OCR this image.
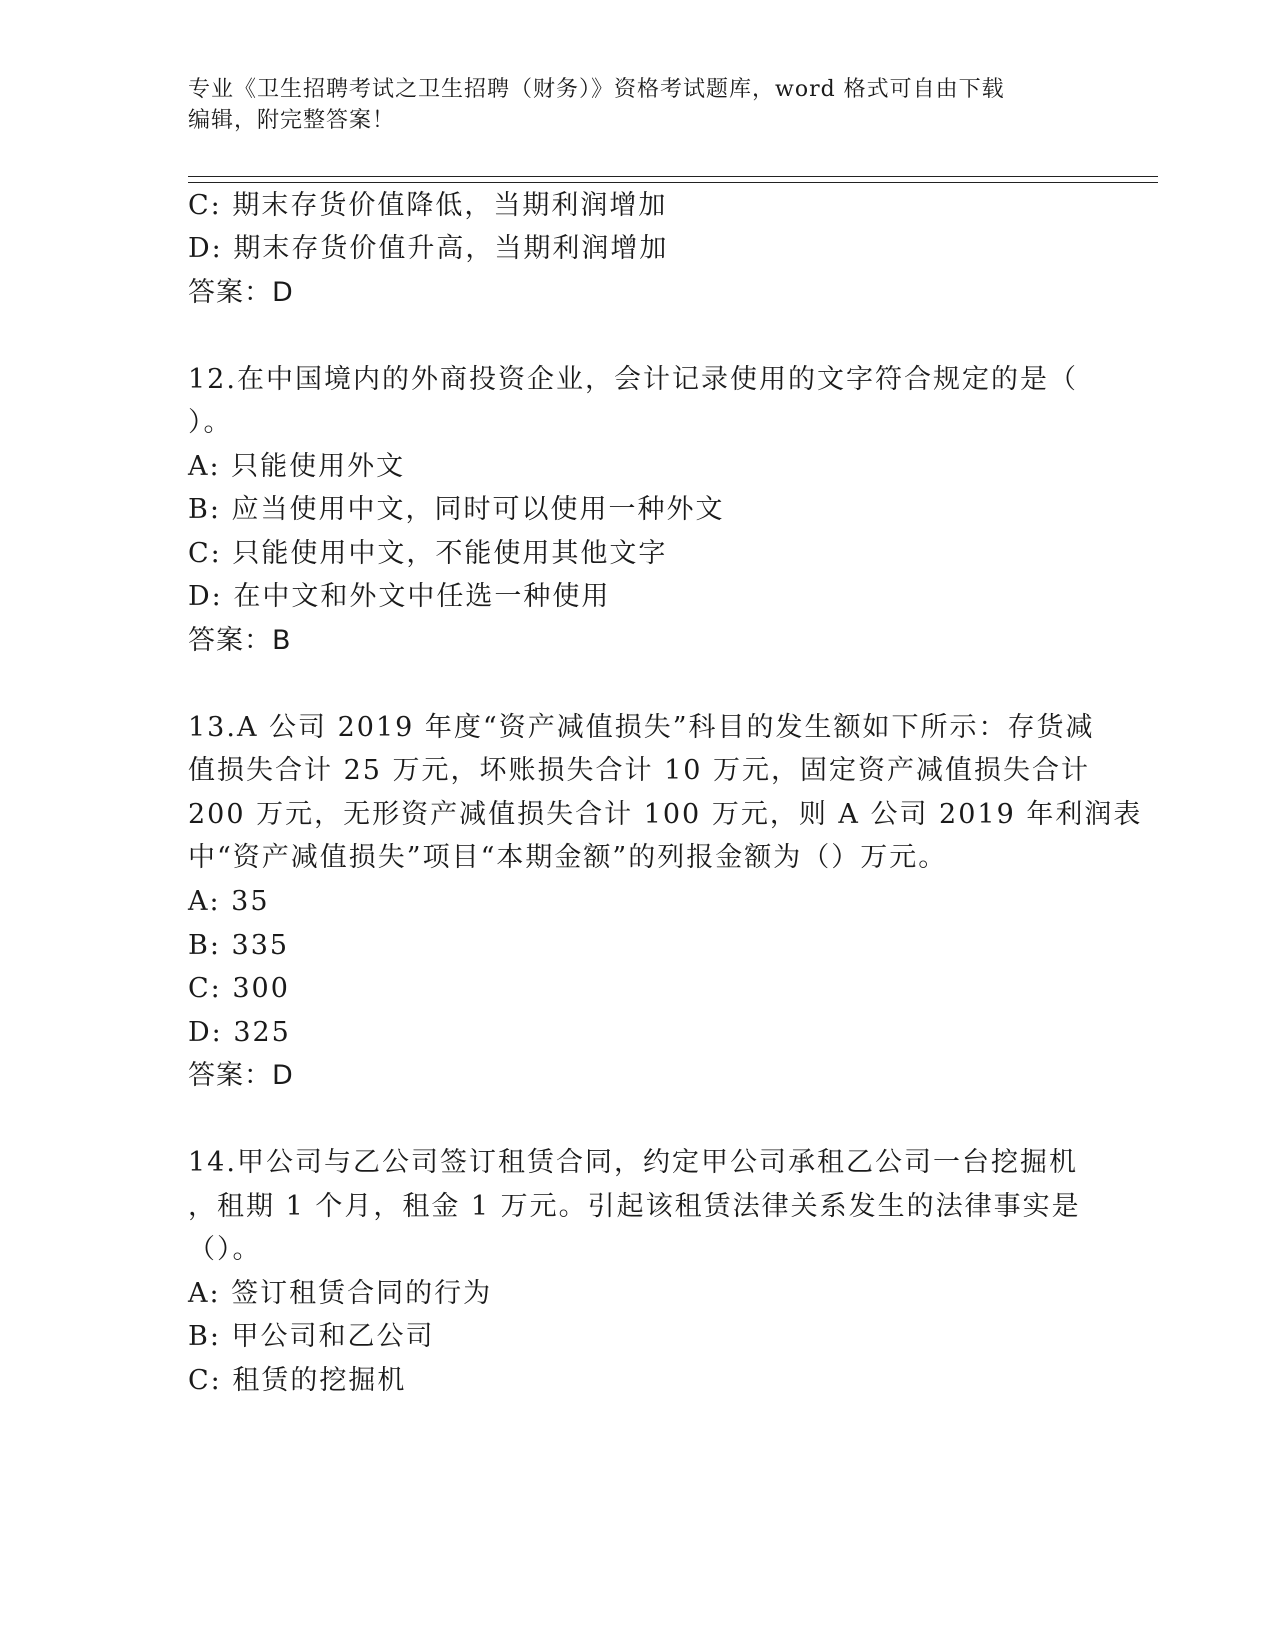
专业《卫生招聘考试之卫生招聘（财务）》资格考试题库，word 格式可自由下载
编辑，附完整答案！
C: 期末存货价值降低，当期利润增加
D: 期末存货价值升高，当期利润增加
答案：D
12.在中国境内的外商投资企业，会计记录使用的文字符合规定的是（
）。
A: 只能使用外文
B: 应当使用中文，同时可以使用一种外文
C: 只能使用中文，不能使用其他文字
D: 在中文和外文中任选一种使用
答案：B
13.A 公司 2019 年度“资产减值损失”科目的发生额如下所示：存货减
值损失合计 25 万元，坏账损失合计 10 万元，固定资产减值损失合计
200 万元，无形资产减值损失合计 100 万元，则 A 公司 2019 年利润表
中“资产减值损失”项目“本期金额”的列报金额为（）万元。
A: 35
B: 335
C: 300
D: 325
答案：D
14.甲公司与乙公司签订租赁合同，约定甲公司承租乙公司一台挖掘机
，租期 1 个月，租金 1 万元。引起该租赁法律关系发生的法律事实是
（）。
A: 签订租赁合同的行为
B: 甲公司和乙公司
C: 租赁的挖掘机
